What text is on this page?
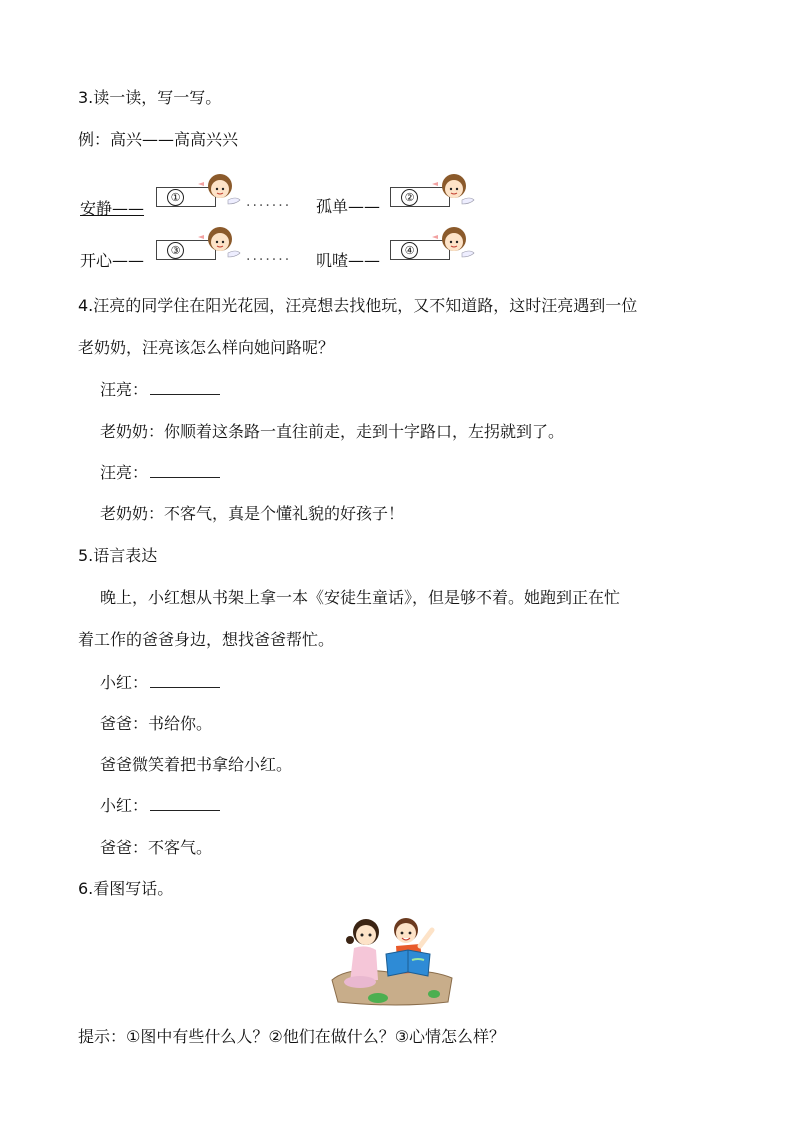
3.读一读，写一写。
例：高兴——高高兴兴
安静——
①
······· 孤单——	②
开心——
③
······· 叽喳——
④
4.汪亮的同学住在阳光花园，汪亮想去找他玩，又不知道路，这时汪亮遇到一位
老奶奶，汪亮该怎么样向她问路呢？
汪亮：
老奶奶：你顺着这条路一直往前走，走到十字路口，左拐就到了。
汪亮：
老奶奶：不客气，真是个懂礼貌的好孩子！
5.语言表达
晚上，小红想从书架上拿一本《安徒生童话》，但是够不着。她跑到正在忙
着工作的爸爸身边，想找爸爸帮忙。
小红：
爸爸：书给你。
爸爸微笑着把书拿给小红。
小红：
爸爸：不客气。
6.看图写话。
提示：①图中有些什么人？②他们在做什么？③心情怎么样？
